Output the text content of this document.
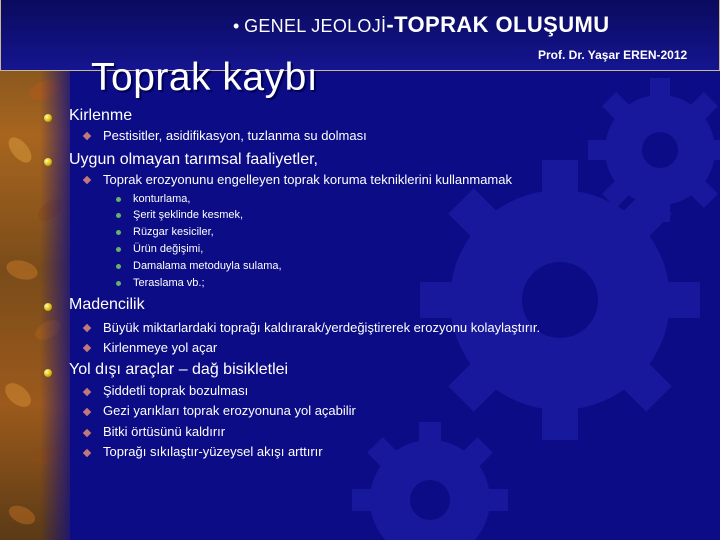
• GENEL JEOLOJİ-TOPRAK OLUŞUMU
Prof. Dr. Yaşar EREN-2012
Toprak kaybı
Kirlenme
Pestisitler, asidifikasyon, tuzlanma su dolması
Uygun olmayan tarımsal faaliyetler,
Toprak erozyonunu engelleyen toprak koruma tekniklerini kullanmamak
konturlama,
Şerit şeklinde kesmek,
Rüzgar kesiciler,
Ürün değişimi,
Damalama metoduyla sulama,
Teraslama vb.;
Madencilik
Büyük miktarlardaki toprağı kaldırarak/yerdeğiştirerek erozyonu kolaylaştırır.
Kirlenmeye yol açar
Yol dışı araçlar – dağ bisikletlei
Şiddetli toprak bozulması
Gezi yarıkları toprak erozyonuna yol açabilir
Bitki örtüsünü kaldırır
Toprağı sıkılaştır-yüzeysel akışı arttırır
